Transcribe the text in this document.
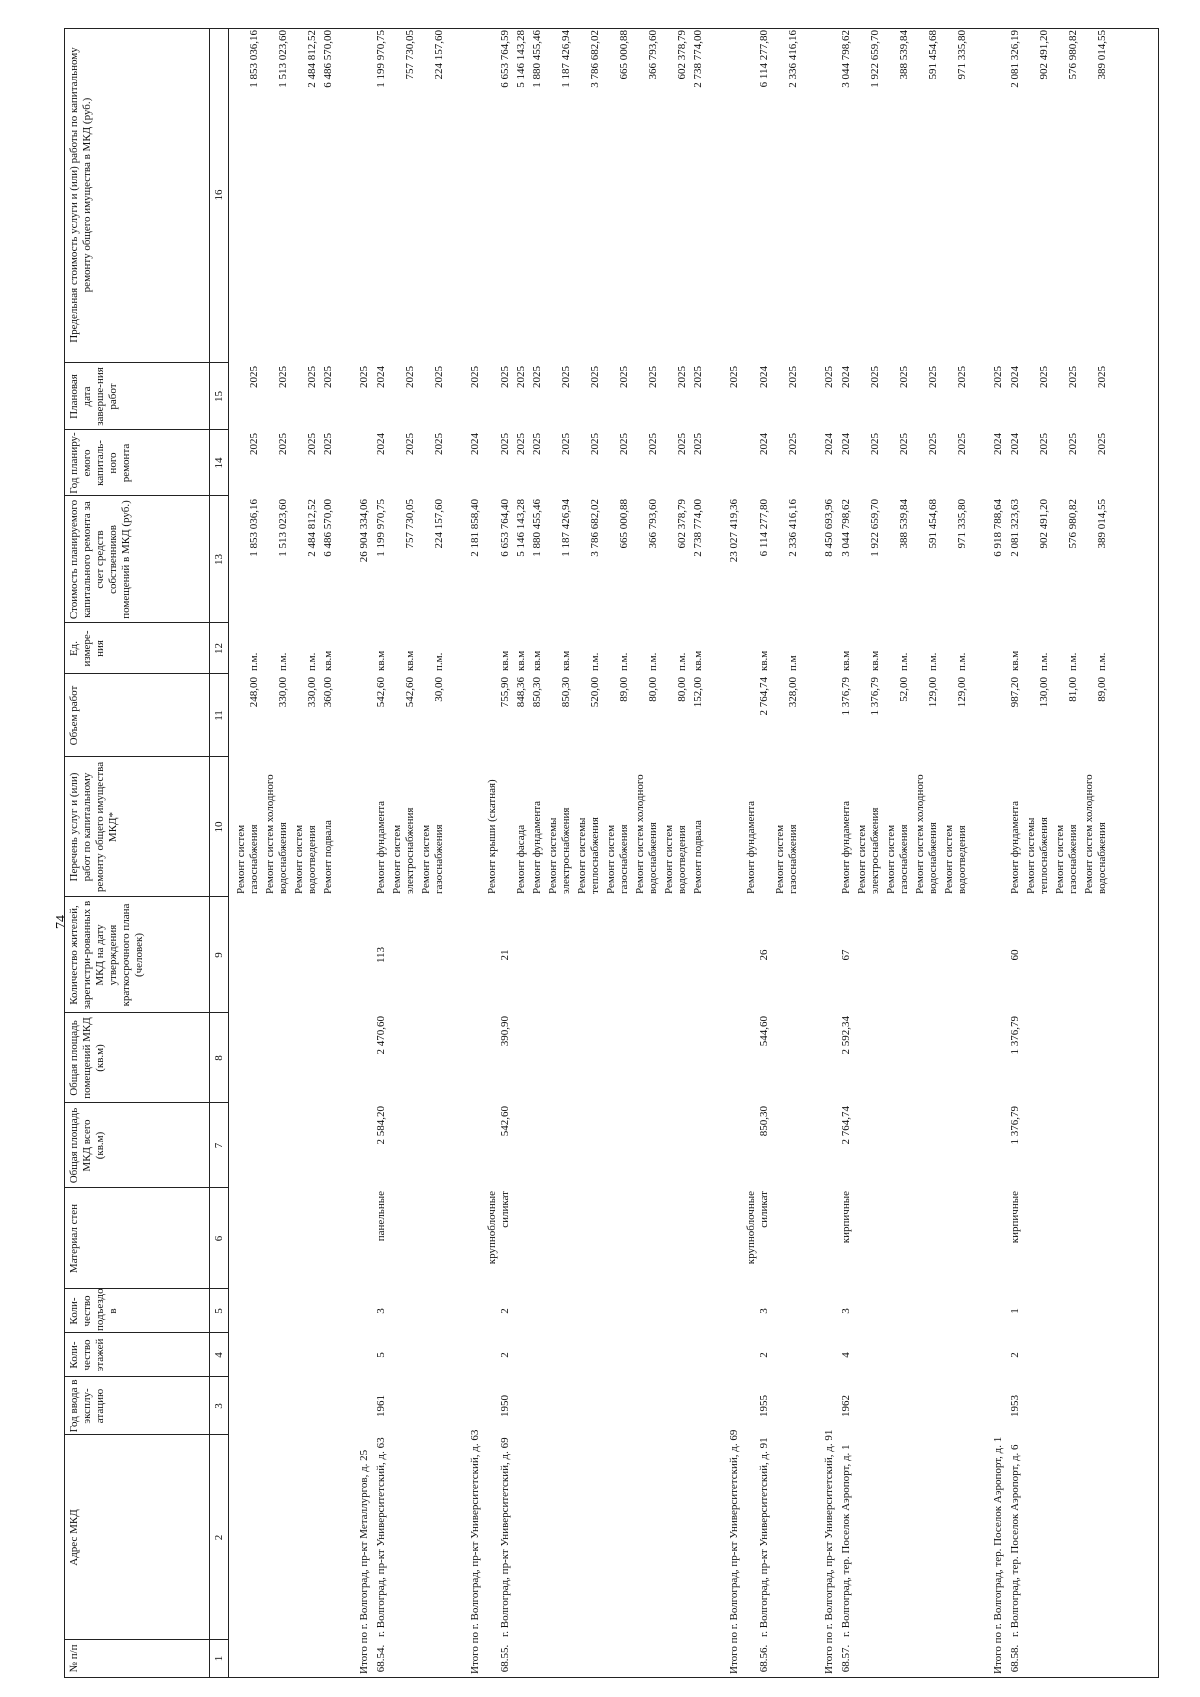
74
№ п/п
Адрес МКД
Год ввода в эксплу-атацию
Коли-чество этажей
Коли-чество подъездо в
Материал стен
Общая площадь МКД всего (кв.м)
Общая площадь помещений МКД (кв.м)
Количество жителей, зарегистри-рованных в МКД на дату утверждения краткосрочного плана (человек)
Перечень услуг и (или) работ по капитальному ремонту общего имущества МКД*
Объем работ
Ед. измере-ния
Стоимость планируемого капитального ремонта за счет средств собственников помещений в МКД (руб.)
Год планиру-емого капиталь-ного ремонта
Плановая дата заверше-ния работ
Предельная стоимость услуги и (или) работы по капитальному ремонту общего имущества в МКД (руб.)
1
2
3
4
5
6
7
8
9
10
11
12
13
14
15
16
Ремонт систем газоснабжения
248,00
п.м.
1 853 036,16
2025
2025
1 853 036,16
Ремонт систем холодного водоснабжения
330,00
п.м.
1 513 023,60
2025
2025
1 513 023,60
Ремонт систем водоотведения
330,00
п.м.
2 484 812,52
2025
2025
2 484 812,52
Ремонт подвала
360,00
кв.м
6 486 570,00
2025
2025
6 486 570,00
Итого по г. Волгоград, пр-кт Металлургов, д. 25
26 904 334,06
2025
68.54.
г. Волгоград, пр-кт Университетский, д. 63
1961
5
3
панельные
2 584,20
2 470,60
113
Ремонт фундамента
542,60
кв.м
1 199 970,75
2024
2024
1 199 970,75
Ремонт систем электроснабжения
542,60
кв.м
757 730,05
2025
2025
757 730,05
Ремонт систем газоснабжения
30,00
п.м.
224 157,60
2025
2025
224 157,60
Итого по г. Волгоград, пр-кт Университетский, д. 63
2 181 858,40
2024
2025
68.55.
г. Волгоград, пр-кт Университетский, д. 69
1950
2
2
крупноблочные силикат
542,60
390,90
21
Ремонт крыши (скатная)
755,90
кв.м
6 653 764,40
2025
2025
6 653 764,59
Ремонт фасада
848,36
кв.м
5 146 143,28
2025
2025
5 146 143,28
Ремонт фундамента
850,30
кв.м
1 880 455,46
2025
2025
1 880 455,46
Ремонт системы электроснабжения
850,30
кв.м
1 187 426,94
2025
2025
1 187 426,94
Ремонт системы теплоснабжения
520,00
п.м.
3 786 682,02
2025
2025
3 786 682,02
Ремонт систем газоснабжения
89,00
п.м.
665 000,88
2025
2025
665 000,88
Ремонт систем холодного водоснабжения
80,00
п.м.
366 793,60
2025
2025
366 793,60
Ремонт систем водоотведения
80,00
п.м.
602 378,79
2025
2025
602 378,79
Ремонт подвала
152,00
кв.м
2 738 774,00
2025
2025
2 738 774,00
Итого по г. Волгоград, пр-кт Университетский, д. 69
23 027 419,36
2025
68.56.
г. Волгоград, пр-кт Университетский, д. 91
1955
2
3
крупноблочные силикат
850,30
544,60
26
Ремонт фундамента
2 764,74
кв.м
6 114 277,80
2024
2024
6 114 277,80
Ремонт систем газоснабжения
328,00
п.м
2 336 416,16
2025
2025
2 336 416,16
Итого по г. Волгоград, пр-кт Университетский, д. 91
8 450 693,96
2024
2025
68.57.
г. Волгоград, тер. Поселок Аэропорт, д. 1
1962
4
3
кирпичные
2 764,74
2 592,34
67
Ремонт фундамента
1 376,79
кв.м
3 044 798,62
2024
2024
3 044 798,62
Ремонт систем электроснабжения
1 376,79
кв.м
1 922 659,70
2025
2025
1 922 659,70
Ремонт систем газоснабжения
52,00
п.м.
388 539,84
2025
2025
388 539,84
Ремонт систем холодного водоснабжения
129,00
п.м.
591 454,68
2025
2025
591 454,68
Ремонт систем водоотведения
129,00
п.м.
971 335,80
2025
2025
971 335,80
Итого по г. Волгоград, тер. Поселок Аэропорт, д. 1
6 918 788,64
2024
2025
68.58.
г. Волгоград, тер. Поселок Аэропорт, д. 6
1953
2
1
кирпичные
1 376,79
1 376,79
60
Ремонт фундамента
987,20
кв.м
2 081 323,63
2024
2024
2 081 326,19
Ремонт системы теплоснабжения
130,00
п.м.
902 491,20
2025
2025
902 491,20
Ремонт систем газоснабжения
81,00
п.м.
576 980,82
2025
2025
576 980,82
Ремонт систем холодного водоснабжения
89,00
п.м.
389 014,55
2025
2025
389 014,55
